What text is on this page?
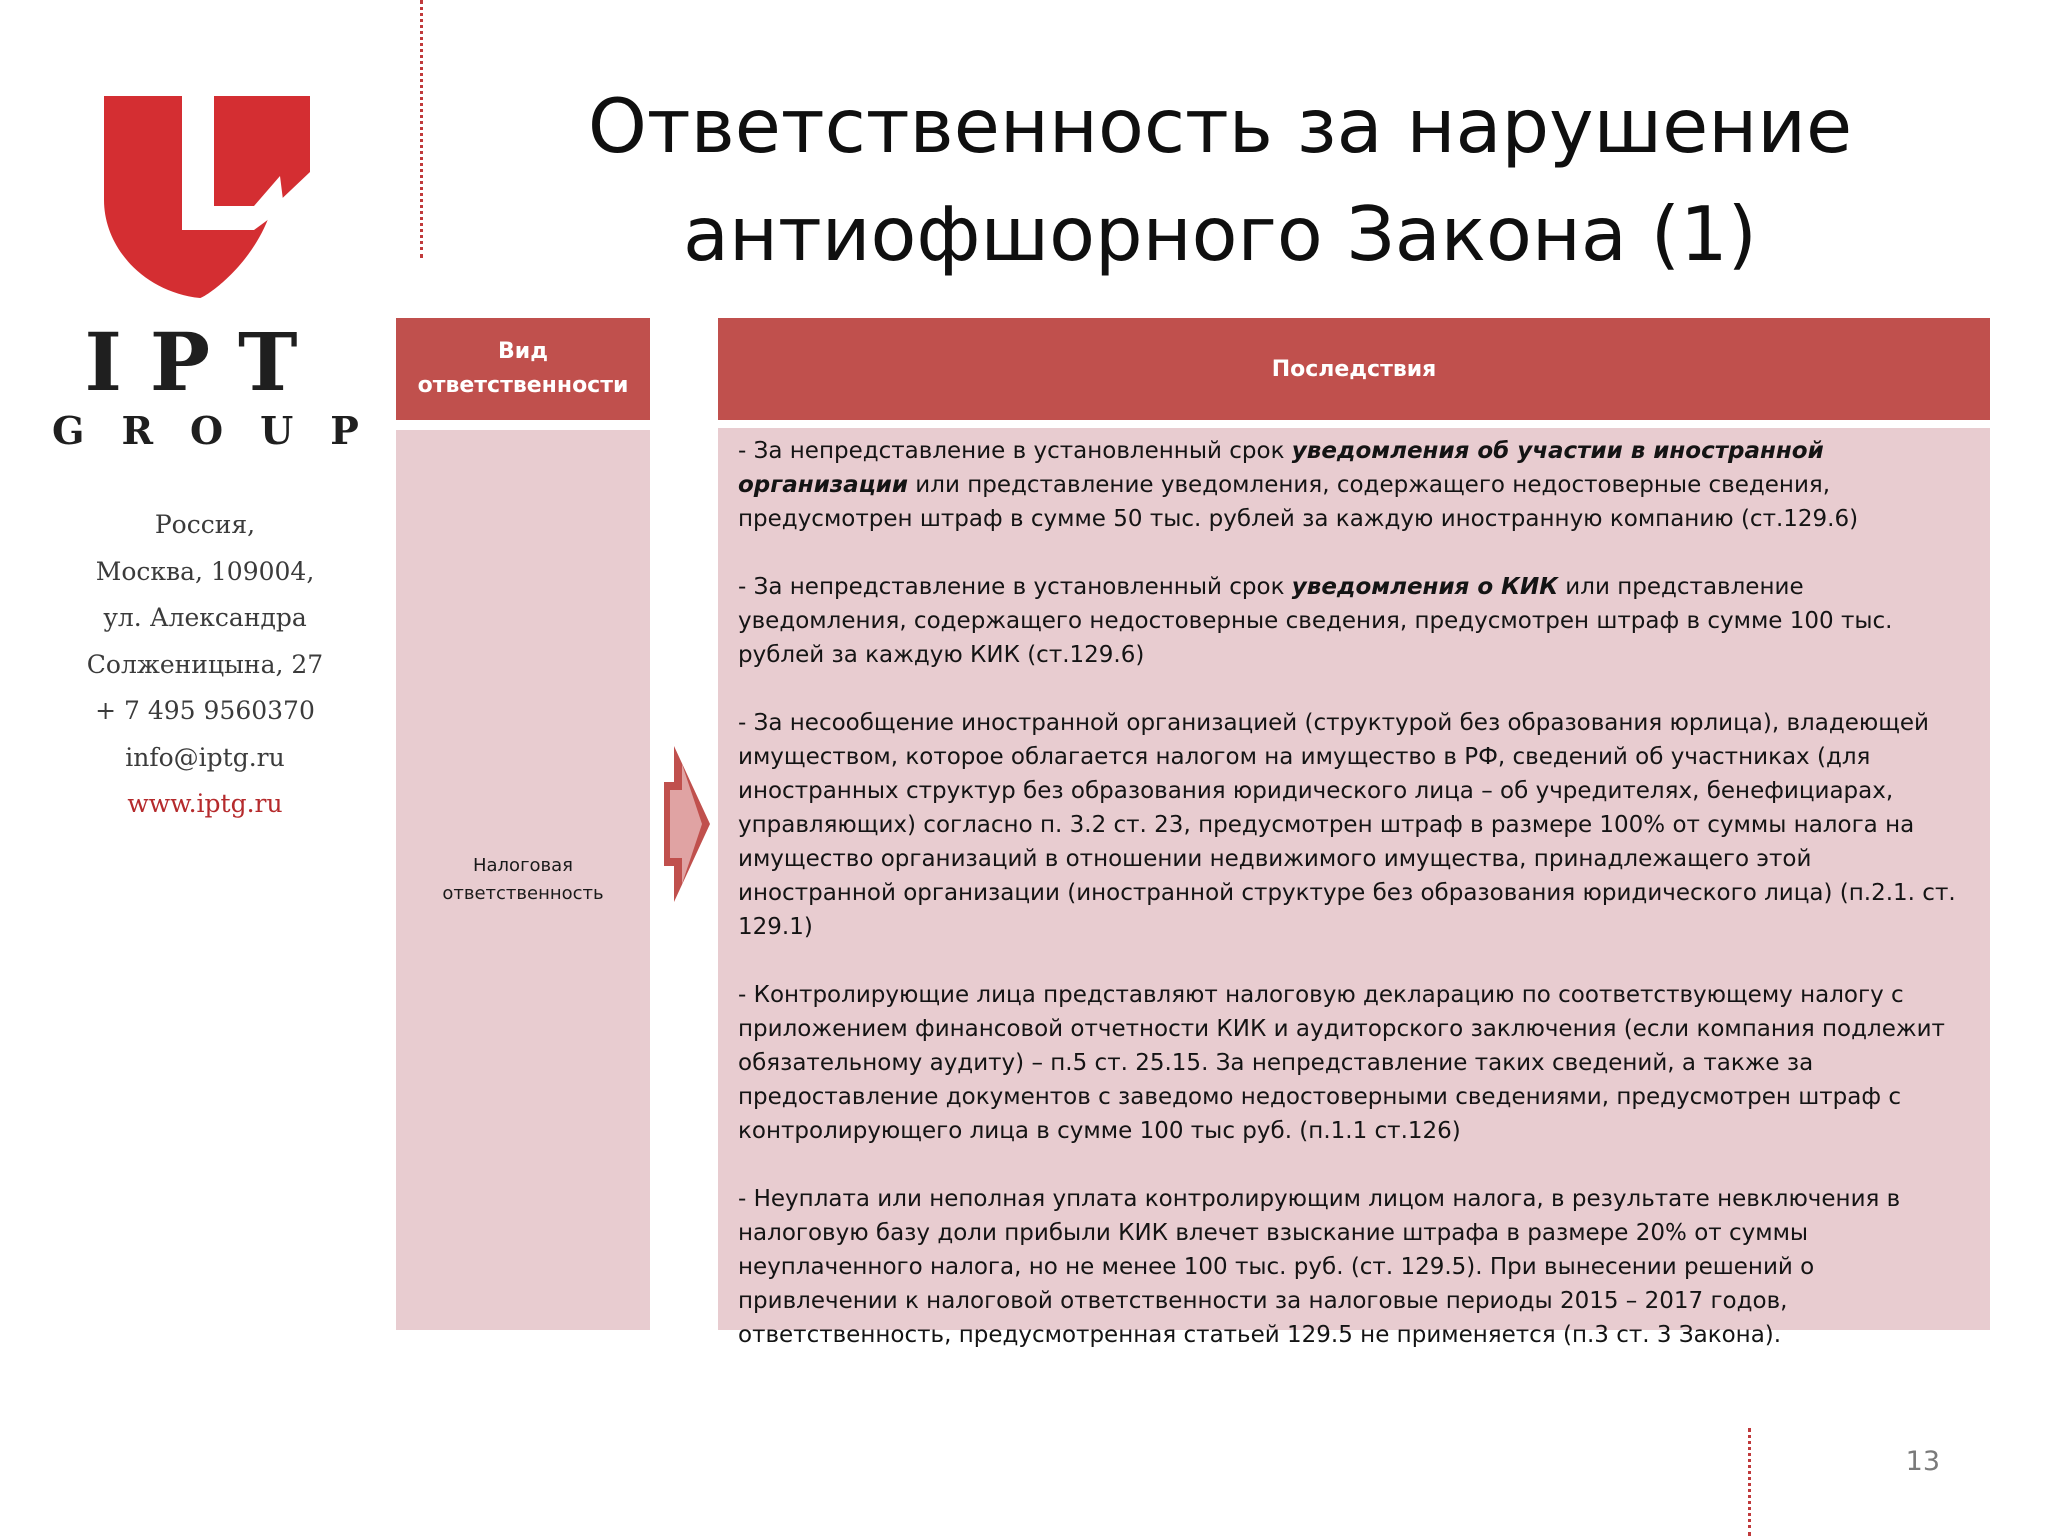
IPT
GROUP
Россия,
Москва, 109004,
ул. Александра
Солженицына, 27
+ 7 495 9560370
info@iptg.ru
www.iptg.ru
Ответственность за нарушение
антиофшорного Закона (1)
Вид ответственности
Последствия
Налоговая ответственность

- За непредставление в установленный срок уведомления об участии в иностранной организации или представление уведомления, содержащего недостоверные сведения, предусмотрен штраф в сумме 50 тыс. рублей за каждую иностранную компанию (ст.129.6)

- За непредставление в установленный срок уведомления о КИК или представление уведомления, содержащего недостоверные сведения, предусмотрен штраф в сумме 100 тыс. рублей за каждую КИК (ст.129.6)

- За несообщение иностранной организацией (структурой без образования юрлица), владеющей имуществом, которое облагается налогом на имущество в РФ, сведений об участниках (для иностранных структур без образования юридического лица – об учредителях, бенефициарах, управляющих) согласно п. 3.2 ст. 23, предусмотрен штраф в размере 100% от суммы налога на имущество организаций в отношении недвижимого имущества, принадлежащего этой иностранной организации (иностранной структуре без образования юридического лица) (п.2.1. ст. 129.1)

- Контролирующие лица представляют налоговую декларацию по соответствующему налогу с приложением финансовой отчетности КИК и аудиторского заключения (если компания подлежит обязательному аудиту) – п.5 ст. 25.15. За непредставление таких сведений, а также за предоставление документов с заведомо недостоверными сведениями, предусмотрен штраф с контролирующего лица в сумме 100 тыс руб. (п.1.1 ст.126)

- Неуплата или неполная уплата контролирующим лицом налога, в результате невключения в налоговую базу доли прибыли КИК влечет взыскание штрафа в размере 20% от суммы неуплаченного налога, но не менее 100 тыс. руб. (ст. 129.5). При вынесении решений о привлечении к налоговой ответственности за налоговые периоды 2015 – 2017 годов, ответственность, предусмотренная статьей 129.5 не применяется (п.3 ст. 3 Закона).

13
